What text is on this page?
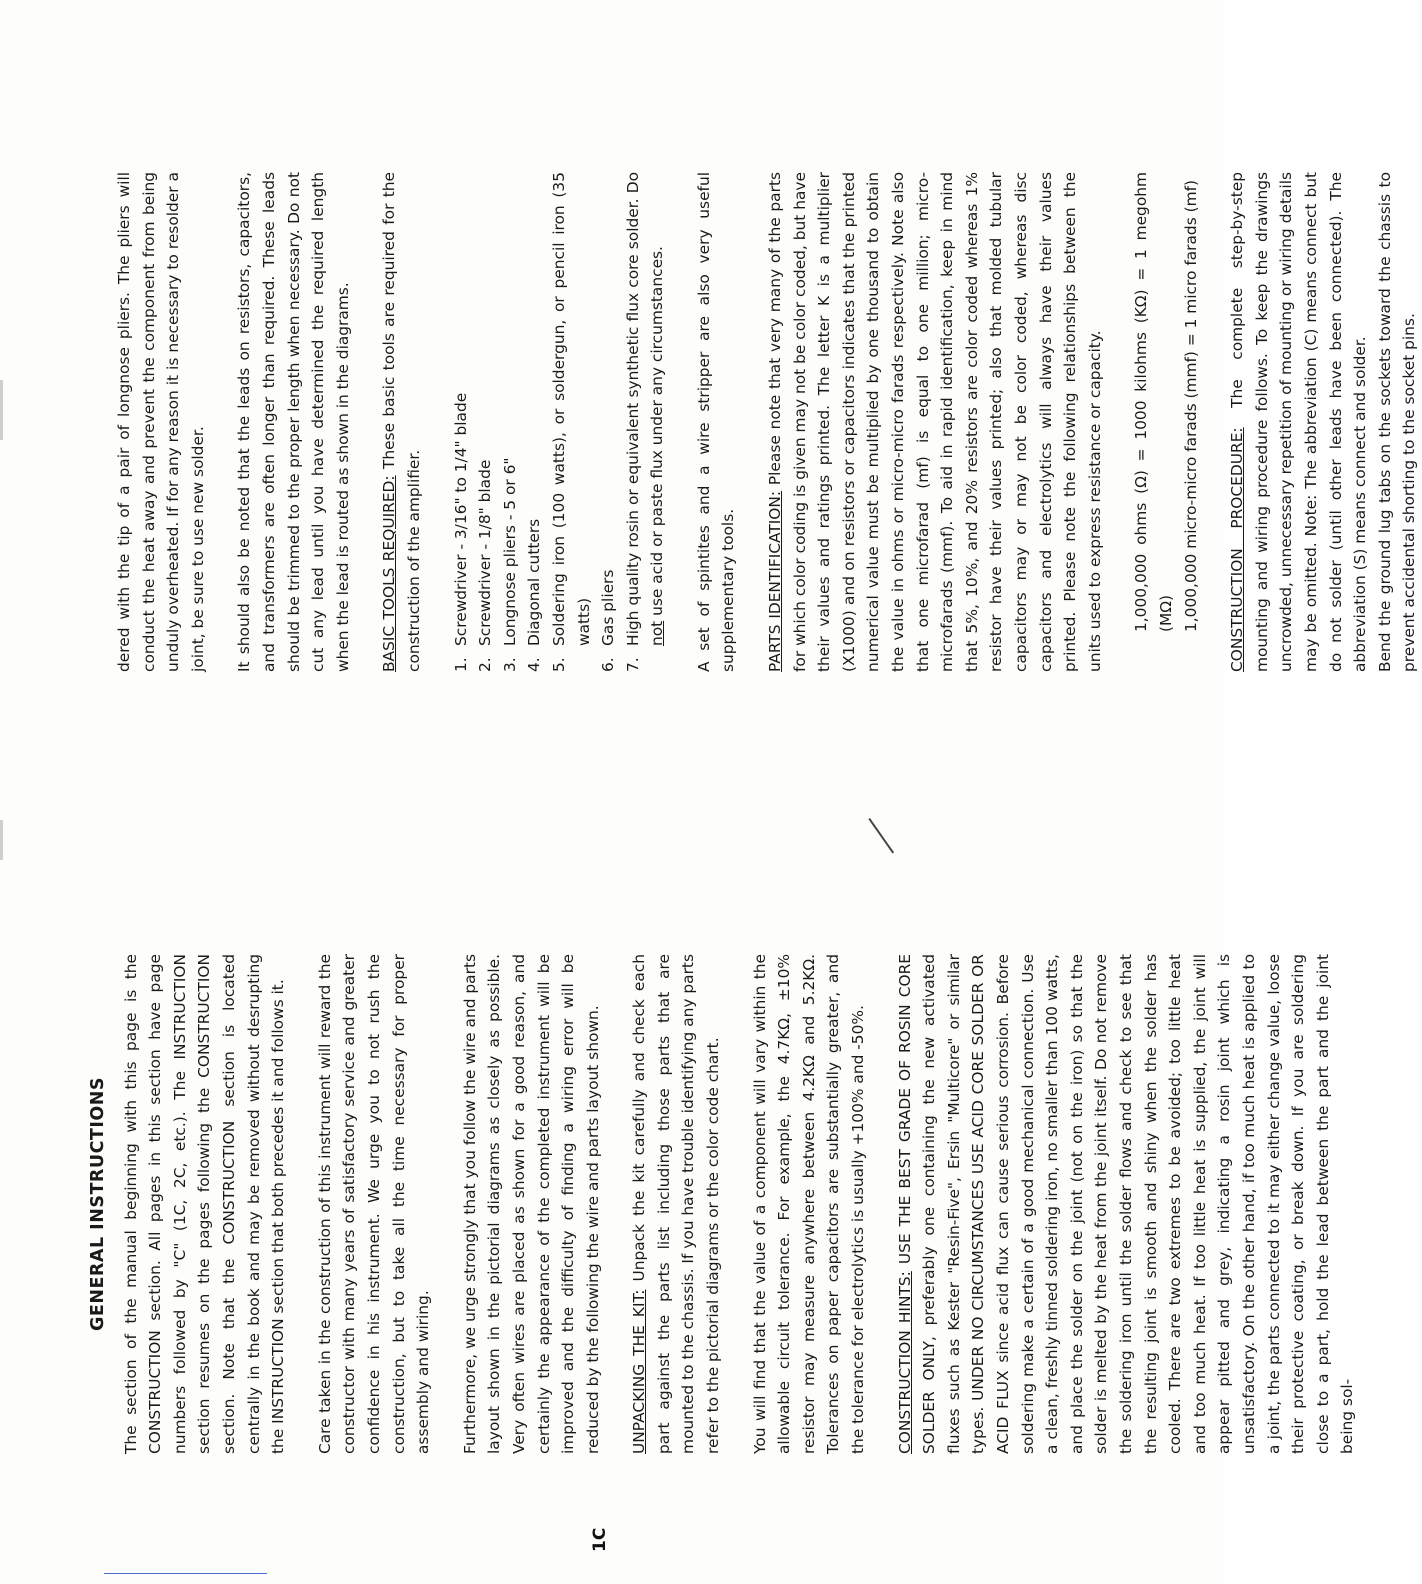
GENERAL INSTRUCTIONS The section of the manual beginning with this page is the CONSTRUCTION section. All pages in this section have page numbers followed by "C" (1C, 2C, etc.). The INSTRUCTION section resumes on the pages following the CONSTRUCTION section. Note that the CONSTRUCTION section is located centrally in the book and may be removed without desrupting the INSTRUCTION section that both precedes it and follows it. Care taken in the construction of this instrument will reward the constructor with many years of satisfactory service and greater confidence in his instrument. We urge you to not rush the construction, but to take all the time necessary for proper assembly and wiring. Furthermore, we urge strongly that you follow the wire and parts layout shown in the pictorial diagrams as closely as possible. Very often wires are placed as shown for a good reason, and certainly the appearance of the completed instrument will be improved and the difficulty of finding a wiring error will be reduced by the following the wire and parts layout shown. UNPACKING THE KIT: Unpack the kit carefully and check each part against the parts list including those parts that are mounted to the chassis. If you have trouble identifying any parts refer to the pictorial diagrams or the color code chart. You will find that the value of a component will vary within the allowable circuit tolerance. For example, the 4.7KΩ, ±10% resistor may measure anywhere between 4.2KΩ and 5.2KΩ. Tolerances on paper capacitors are substantially greater, and the tolerance for electrolytics is usually +100% and -50%. CONSTRUCTION HINTS: USE THE BEST GRADE OF ROSIN CORE SOLDER ONLY, preferably one containing the new activated fluxes such as Kester "Resin-Five", Ersin "Multicore" or similar types. UNDER NO CIRCUMSTANCES USE ACID CORE SOLDER OR ACID FLUX since acid flux can cause serious corrosion. Before soldering make a certain of a good mechanical connection. Use a clean, freshly tinned soldering iron, no smaller than 100 watts, and place the solder on the joint (not on the iron) so that the solder is melted by the heat from the joint itself. Do not remove the soldering iron until the solder flows and check to see that the resulting joint is smooth and shiny when the solder has cooled. There are two extremes to be avoided; too little heat and too much heat. If too little heat is supplied, the joint will appear pitted and grey, indicating a rosin joint which is unsatisfactory. On the other hand, if too much heat is applied to a joint, the parts connected to it may either change value, loose their protective coating, or break down. If you are soldering close to a part, hold the lead between the part and the joint being sol-

dered with the tip of a pair of longnose pliers. The pliers will conduct the heat away and prevent the component from being unduly overheated. If for any reason it is necessary to resolder a joint, be sure to use new solder. It should also be noted that the leads on resistors, capacitors, and transformers are often longer than required. These leads should be trimmed to the proper length when necessary. Do not cut any lead until you have determined the required length when the lead is routed as shown in the diagrams. BASIC TOOLS REQUIRED: These basic tools are required for the construction of the amplifier. 1.
Screwdriver - 3/16" to 1/4" blade
2.
Screwdriver - 1/8" blade
3.
Longnose pliers - 5 or 6"
4.
Diagonal cutters
5.
Soldering iron (100 watts), or soldergun, or pencil iron (35 watts)
6.
Gas pliers
7.
High quality rosin or equivalent synthetic flux core solder. Do not use acid or paste flux under any circumstances. A set of spintites and a wire stripper are also very useful supplementary tools. PARTS IDENTIFICATION: Please note that very many of the parts for which color coding is given may not be color coded, but have their values and ratings printed. The letter K is a multiplier (X1000) and on resistors or capacitors indicates that the printed numerical value must be multiplied by one thousand to obtain the value in ohms or micro-micro farads respectively. Note also that one microfarad (mf) is equal to one million; micro-microfarads (mmf). To aid in rapid identification, keep in mind that 5%, 10%, and 20% resistors are color coded whereas 1% resistor have their values printed; also that molded tubular capacitors may or may not be color coded, whereas disc capacitors and electrolytics will always have their values printed. Please note the following relationships between the units used to express resistance or capacity. 1,000,000 ohms (Ω) = 1000 kilohms (KΩ) = 1 megohm (MΩ) 1,000,000 micro-micro farads (mmf) = 1 micro farads (mf) CONSTRUCTION PROCEDURE: The complete step-by-step mounting and wiring procedure follows. To keep the drawings uncrowded, unnecessary repetition of mounting or wiring details may be omitted. Note: The abbreviation (C) means connect but do not solder (until other leads have been connected). The abbreviation (S) means connect and solder. Bend the ground lug tabs on the sockets toward the chassis to prevent accidental shorting to the socket pins.

1C
